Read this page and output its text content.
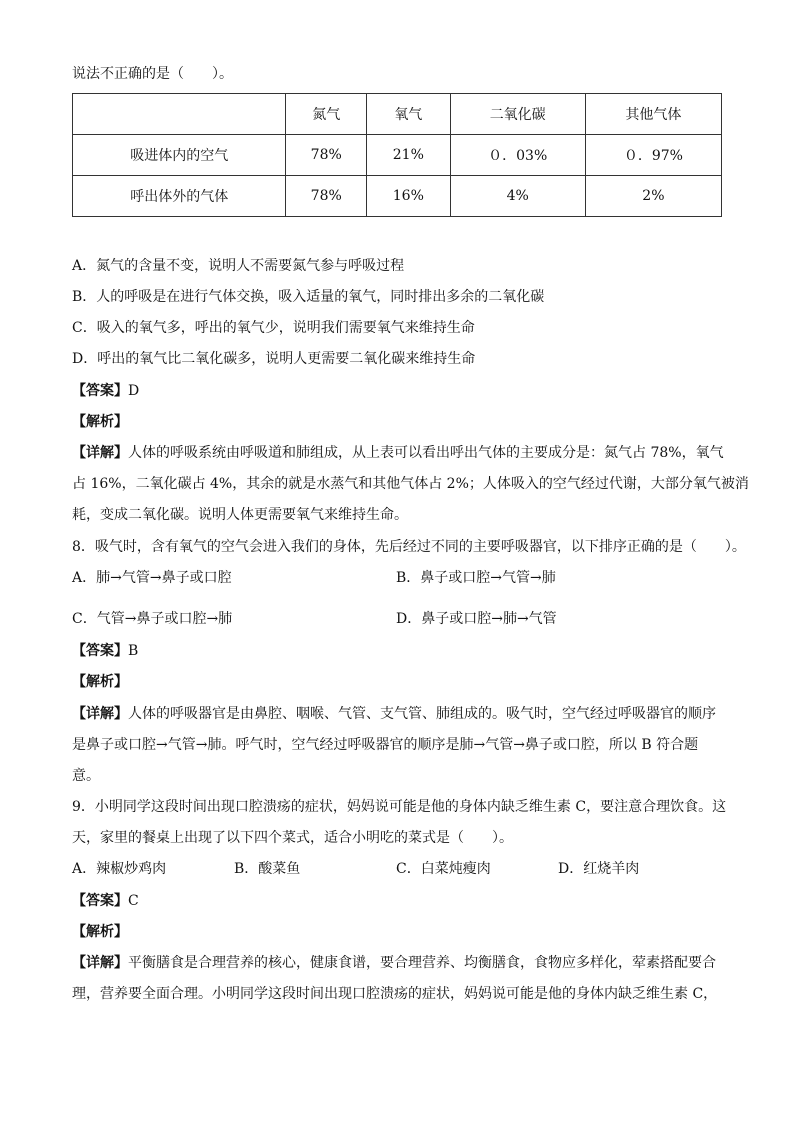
说法不正确的是（　　）。
	氮气	氧气	二氧化碳	其他气体
吸进体内的空气	78%	21%	０．03%	０．97%
呼出体外的气体	78%	16%	4%	2%
A．氮气的含量不变，说明人不需要氮气参与呼吸过程
B．人的呼吸是在进行气体交换，吸入适量的氧气，同时排出多余的二氧化碳
C．吸入的氧气多，呼出的氧气少，说明我们需要氧气来维持生命
D．呼出的氧气比二氧化碳多，说明人更需要二氧化碳来维持生命
【答案】D
【解析】
【详解】人体的呼吸系统由呼吸道和肺组成，从上表可以看出呼出气体的主要成分是：氮气占 78%，氧气
占 16%，二氧化碳占 4%，其余的就是水蒸气和其他气体占 2%；人体吸入的空气经过代谢，大部分氧气被消
耗，变成二氧化碳。说明人体更需要氧气来维持生命。
8．吸气时，含有氧气的空气会进入我们的身体，先后经过不同的主要呼吸器官，以下排序正确的是（　　）。
A．肺→气管→鼻子或口腔	B．鼻子或口腔→气管→肺
C．气管→鼻子或口腔→肺	D．鼻子或口腔→肺→气管
【答案】B
【解析】
【详解】人体的呼吸器官是由鼻腔、咽喉、气管、支气管、肺组成的。吸气时，空气经过呼吸器官的顺序
是鼻子或口腔→气管→肺。呼气时，空气经过呼吸器官的顺序是肺→气管→鼻子或口腔，所以 B 符合题
意。
9．小明同学这段时间出现口腔溃疡的症状，妈妈说可能是他的身体内缺乏维生素 C，要注意合理饮食。这
天，家里的餐桌上出现了以下四个菜式，适合小明吃的菜式是（　　）。
A．辣椒炒鸡肉	B．酸菜鱼	C．白菜炖瘦肉	D．红烧羊肉
【答案】C
【解析】
【详解】平衡膳食是合理营养的核心，健康食谱，要合理营养、均衡膳食，食物应多样化，荤素搭配要合
理，营养要全面合理。小明同学这段时间出现口腔溃疡的症状，妈妈说可能是他的身体内缺乏维生素 C，
